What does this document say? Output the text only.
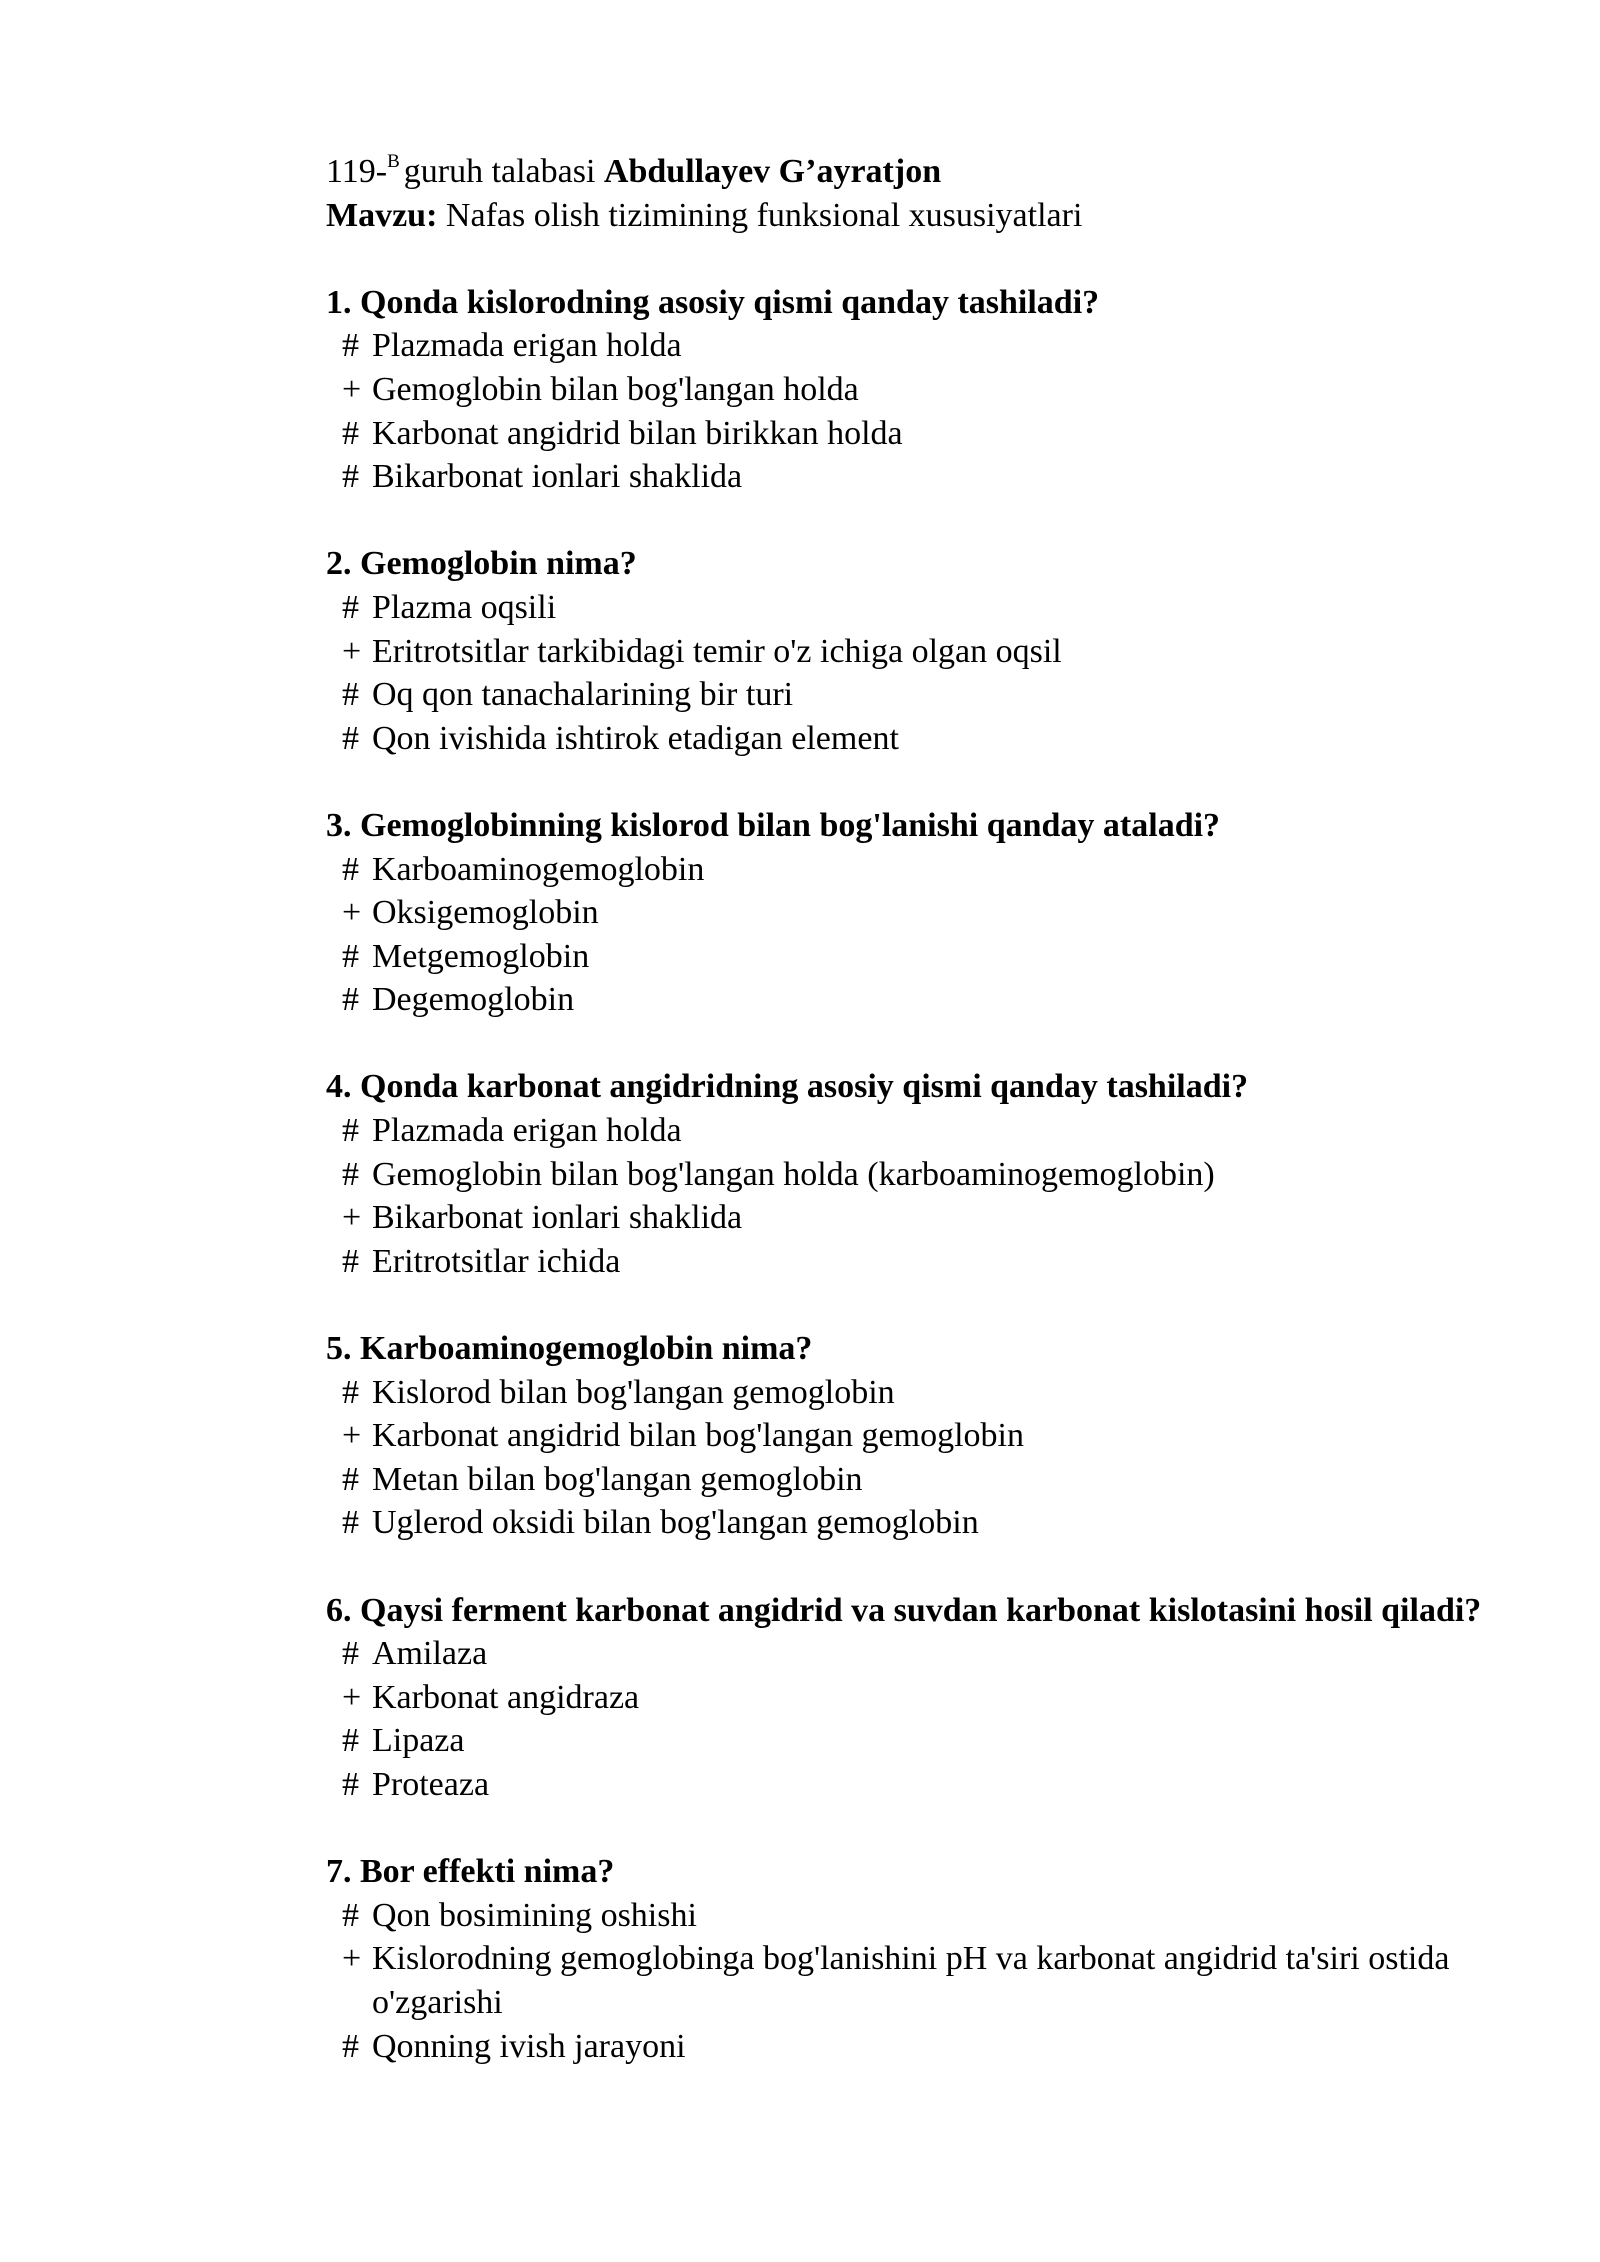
119-$^B$ guruh talabasi Abdullayev G’ayratjon
Mavzu: Nafas olish tizimining funksional xususiyatlari
1. Qonda kislorodning asosiy qismi qanday tashiladi?
# Plazmada erigan holda
+ Gemoglobin bilan bog'langan holda
# Karbonat angidrid bilan birikkan holda
# Bikarbonat ionlari shaklida
2. Gemoglobin nima?
# Plazma oqsili
+ Eritrotsitlar tarkibidagi temir o'z ichiga olgan oqsil
# Oq qon tanachalarining bir turi
# Qon ivishida ishtirok etadigan element
3. Gemoglobinning kislorod bilan bog'lanishi qanday ataladi?
# Karboaminogemoglobin
+ Oksigemoglobin
# Metgemoglobin
# Degemoglobin
4. Qonda karbonat angidridning asosiy qismi qanday tashiladi?
# Plazmada erigan holda
# Gemoglobin bilan bog'langan holda (karboaminogemoglobin)
+ Bikarbonat ionlari shaklida
# Eritrotsitlar ichida
5. Karboaminogemoglobin nima?
# Kislorod bilan bog'langan gemoglobin
+ Karbonat angidrid bilan bog'langan gemoglobin
# Metan bilan bog'langan gemoglobin
# Uglerod oksidi bilan bog'langan gemoglobin
6. Qaysi ferment karbonat angidrid va suvdan karbonat kislotasini hosil qiladi?
# Amilaza
+ Karbonat angidraza
# Lipaza
# Proteaza
7. Bor effekti nima?
# Qon bosimining oshishi
+ Kislorodning gemoglobinga bog'lanishini pH va karbonat angidrid ta'siri ostida o'zgarishi
# Qonning ivish jarayoni
